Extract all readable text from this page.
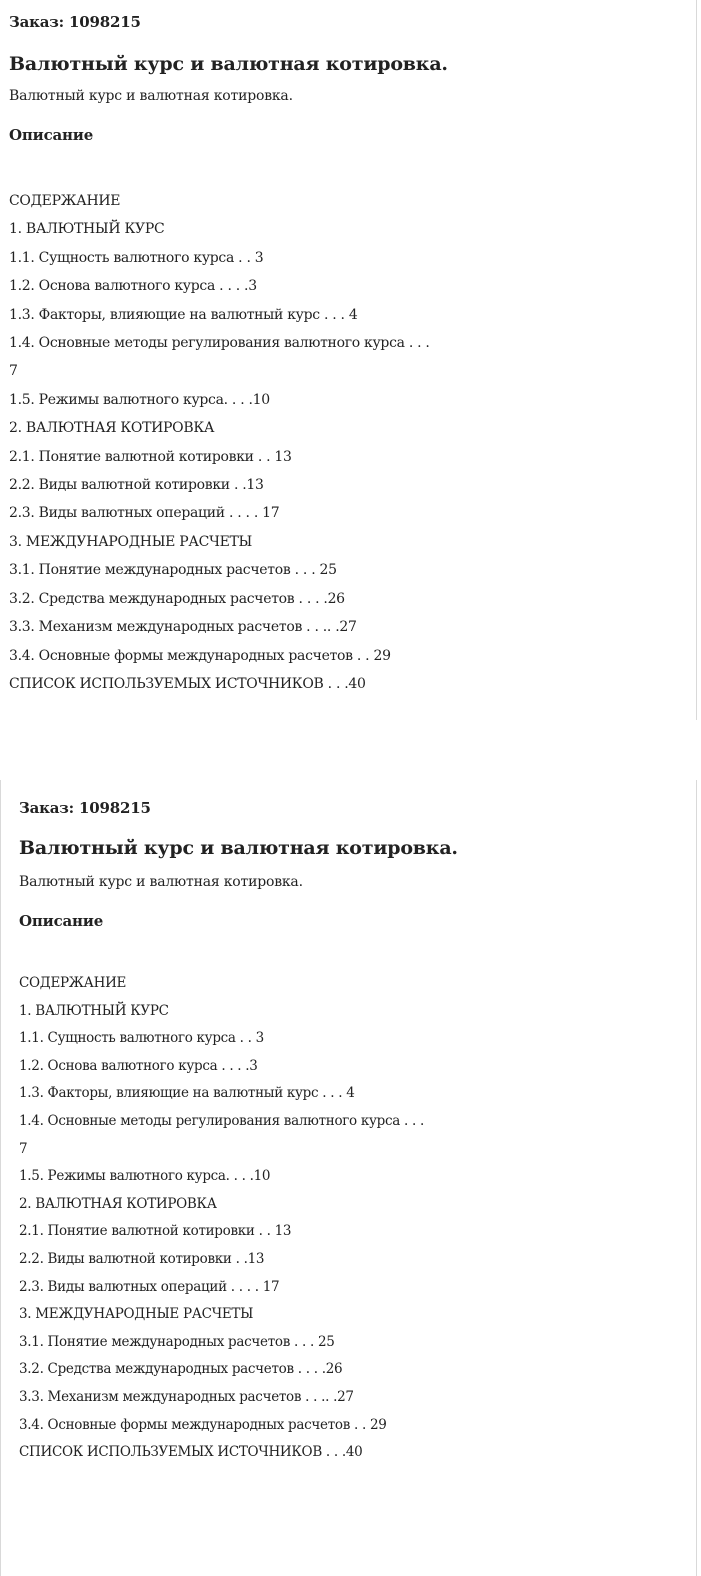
Заказ: 1098215

Валютный курс и валютная котировка.

Валютный курс и валютная котировка.

Описание
СОДЕРЖАНИЕ
1. ВАЛЮТНЫЙ КУРС
1.1. Сущность валютного курса . . 3
1.2. Основа валютного курса . . . .3
1.3. Факторы, влияющие на валютный курс . . . 4
1.4. Основные методы регулирования валютного курса . . .
7
1.5. Режимы валютного курса. . . .10
2. ВАЛЮТНАЯ КОТИРОВКА
2.1. Понятие валютной котировки . . 13
2.2. Виды валютной котировки . .13
2.3. Виды валютных операций . . . . 17
3. МЕЖДУНАРОДНЫЕ РАСЧЕТЫ
3.1. Понятие международных расчетов . . . 25
3.2. Средства международных расчетов . . . .26
3.3. Механизм международных расчетов . . .. .27
3.4. Основные формы международных расчетов . . 29
СПИСОК ИСПОЛЬЗУЕМЫХ ИСТОЧНИКОВ . . .40

Заказ: 1098215

Валютный курс и валютная котировка.

Валютный курс и валютная котировка.

Описание
СОДЕРЖАНИЕ
1. ВАЛЮТНЫЙ КУРС
1.1. Сущность валютного курса . . 3
1.2. Основа валютного курса . . . .3
1.3. Факторы, влияющие на валютный курс . . . 4
1.4. Основные методы регулирования валютного курса . . .
7
1.5. Режимы валютного курса. . . .10
2. ВАЛЮТНАЯ КОТИРОВКА
2.1. Понятие валютной котировки . . 13
2.2. Виды валютной котировки . .13
2.3. Виды валютных операций . . . . 17
3. МЕЖДУНАРОДНЫЕ РАСЧЕТЫ
3.1. Понятие международных расчетов . . . 25
3.2. Средства международных расчетов . . . .26
3.3. Механизм международных расчетов . . .. .27
3.4. Основные формы международных расчетов . . 29
СПИСОК ИСПОЛЬЗУЕМЫХ ИСТОЧНИКОВ . . .40
